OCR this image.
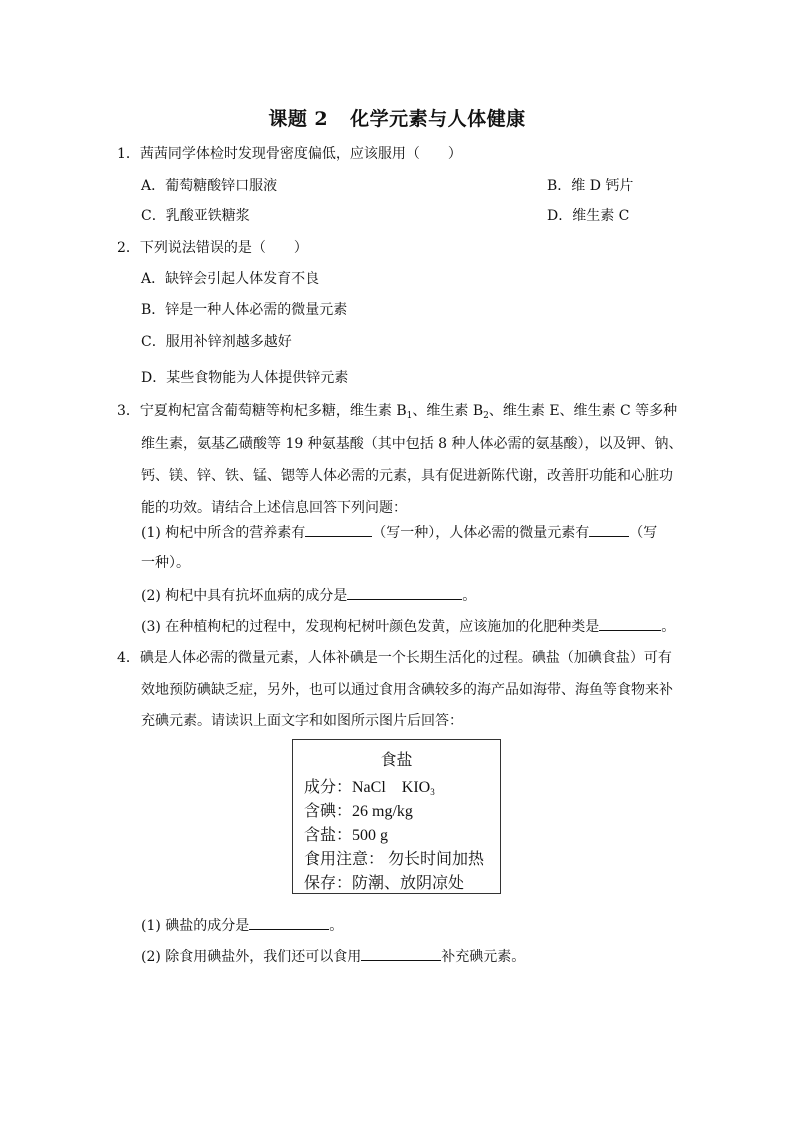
课题 2 化学元素与人体健康
1．茜茜同学体检时发现骨密度偏低，应该服用（　　）
A．葡萄糖酸锌口服液	B．维 D 钙片
C．乳酸亚铁糖浆	D．维生素 C
2．下列说法错误的是（　　）
A．缺锌会引起人体发育不良
B．锌是一种人体必需的微量元素
C．服用补锌剂越多越好
D．某些食物能为人体提供锌元素
3．宁夏枸杞富含葡萄糖等枸杞多糖，维生素 $B_1$、维生素 $B_2$、维生素 E、维生素 C 等多种
维生素，氨基乙磺酸等 19 种氨基酸（其中包括 8 种人体必需的氨基酸），以及钾、钠、
钙、镁、锌、铁、锰、锶等人体必需的元素，具有促进新陈代谢，改善肝功能和心脏功
能的功效。请结合上述信息回答下列问题：
(1) 枸杞中所含的营养素有	（写一种），人体必需的微量元素有	（写
一种）。
(2) 枸杞中具有抗坏血病的成分是	。
(3) 在种植枸杞的过程中，发现枸杞树叶颜色发黄，应该施加的化肥种类是	。
4．碘是人体必需的微量元素，人体补碘是一个长期生活化的过程。碘盐（加碘食盐）可有
效地预防碘缺乏症，另外，也可以通过食用含碘较多的海产品如海带、海鱼等食物来补
充碘元素。请读识上面文字和如图所示图片后回答：
食盐
成分：NaCl　$KIO_3$
含碘：26 mg/kg
含盐：500 g
食用注意： 勿长时间加热
保存：防潮、放阴凉处
(1) 碘盐的成分是	。
(2) 除食用碘盐外，我们还可以食用	补充碘元素。
